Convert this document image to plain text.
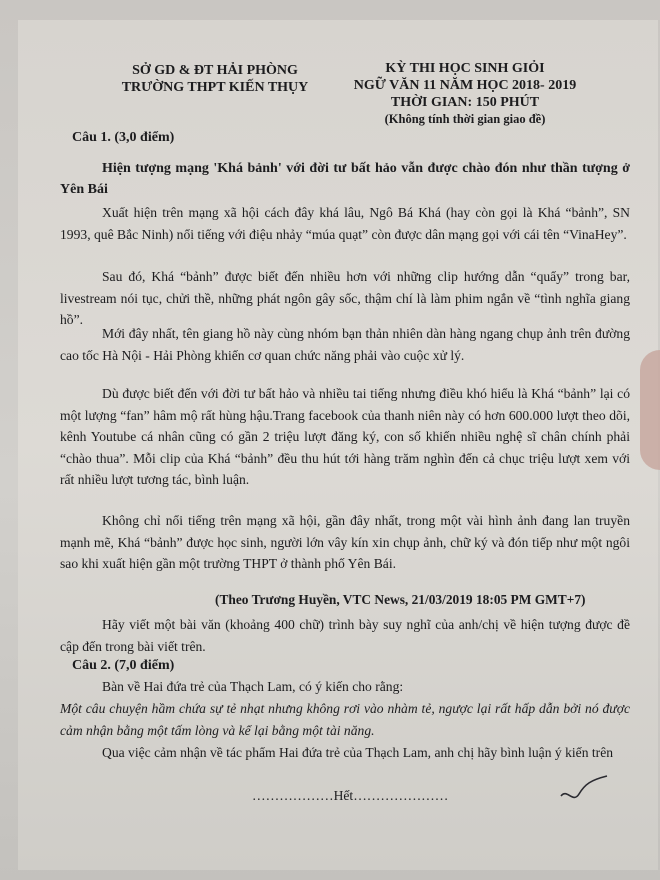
SỞ GD & ĐT HẢI PHÒNG
TRƯỜNG THPT KIẾN THỤY
KỲ THI HỌC SINH GIỎI
NGỮ VĂN 11 NĂM HỌC 2018- 2019
THỜI GIAN: 150 PHÚT
(Không tính thời gian giao đề)
Câu 1. (3,0 điểm)
Hiện tượng mạng 'Khá bảnh' với đời tư bất hảo vẫn được chào đón như thần tượng ở Yên Bái
Xuất hiện trên mạng xã hội cách đây khá lâu, Ngô Bá Khá (hay còn gọi là Khá “bảnh”, SN 1993, quê Bắc Ninh) nổi tiếng với điệu nhảy “múa quạt” còn được dân mạng gọi với cái tên “VinaHey”.
Sau đó, Khá “bảnh” được biết đến nhiều hơn với những clip hướng dẫn “quẩy” trong bar, livestream nói tục, chửi thề, những phát ngôn gây sốc, thậm chí là làm phim ngắn về “tình nghĩa giang hồ”.
Mới đây nhất, tên giang hồ này cùng nhóm bạn thản nhiên dàn hàng ngang chụp ảnh trên đường cao tốc Hà Nội - Hải Phòng khiến cơ quan chức năng phải vào cuộc xử lý.
Dù được biết đến với đời tư bất hảo và nhiều tai tiếng nhưng điều khó hiểu là Khá “bảnh” lại có một lượng “fan” hâm mộ rất hùng hậu.Trang facebook của thanh niên này có hơn 600.000 lượt theo dõi, kênh Youtube cá nhân cũng có gần 2 triệu lượt đăng ký, con số khiến nhiều nghệ sĩ chân chính phải “chào thua”. Mỗi clip của Khá “bảnh” đều thu hút tới hàng trăm nghìn đến cả chục triệu lượt xem với rất nhiều lượt tương tác, bình luận.
Không chỉ nổi tiếng trên mạng xã hội, gần đây nhất, trong một vài hình ảnh đang lan truyền mạnh mẽ, Khá “bảnh” được học sinh, người lớn vây kín xin chụp ảnh, chữ ký và đón tiếp như một ngôi sao khi xuất hiện gần một trường THPT ở thành phố Yên Bái.
(Theo Trương Huyền, VTC News, 21/03/2019 18:05 PM GMT+7)
Hãy viết một bài văn (khoảng 400 chữ) trình bày suy nghĩ của anh/chị về hiện tượng được đề cập đến trong bài viết trên.
Câu 2. (7,0 điểm)
Bàn về Hai đứa trẻ của Thạch Lam, có ý kiến cho rằng:
Một câu chuyện hầm chứa sự tẻ nhạt nhưng không rơi vào nhàm tẻ, ngược lại rất hấp dẫn bởi nó được cảm nhận bằng một tấm lòng và kể lại bằng một tài năng.
Qua việc cảm nhận về tác phẩm Hai đứa trẻ của Thạch Lam, anh chị hãy bình luận ý kiến trên
………………Hết…………………
